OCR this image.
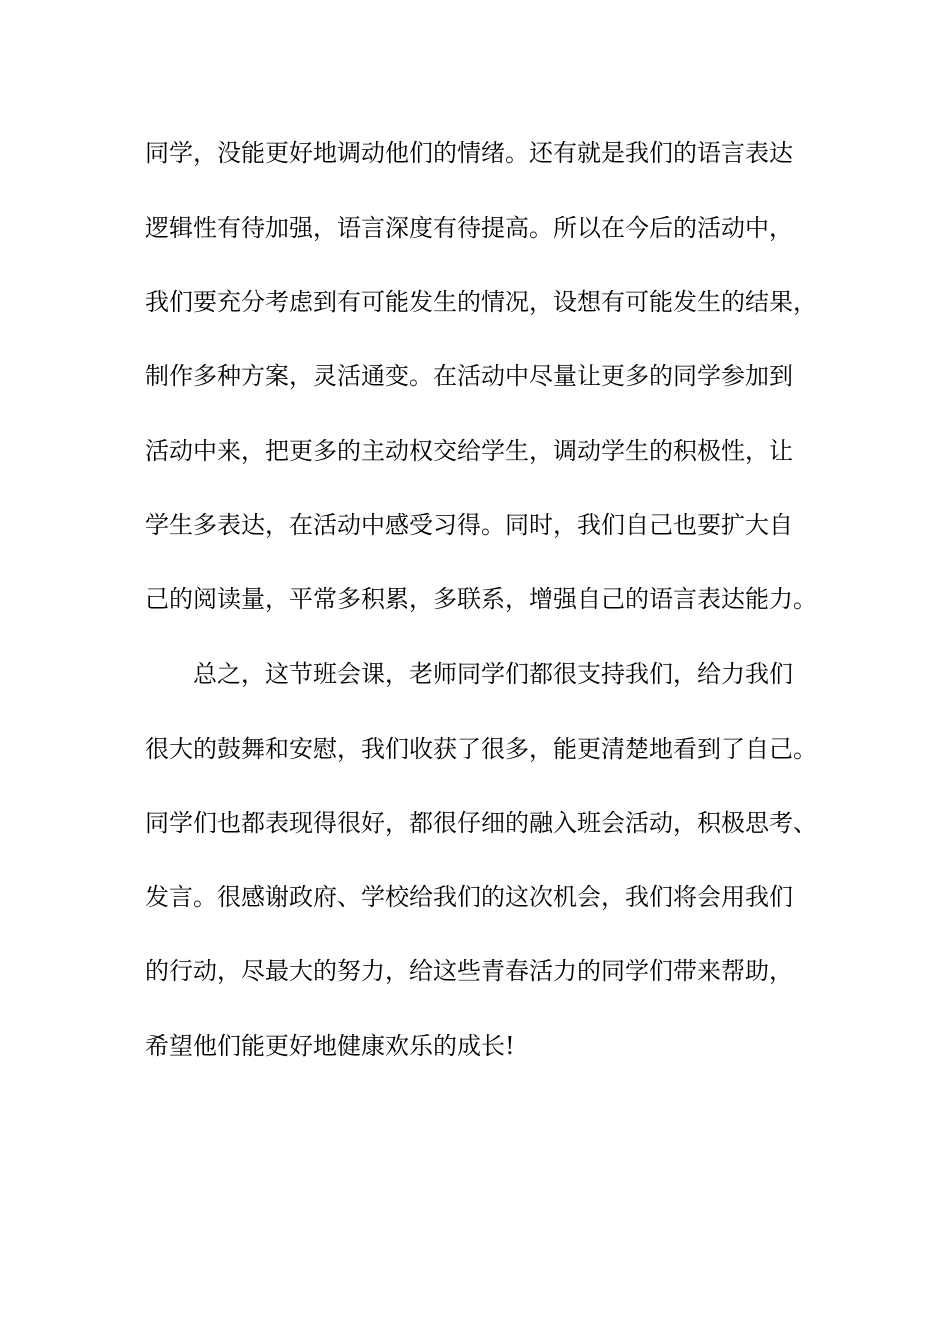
同学，没能更好地调动他们的情绪。还有就是我们的语言表达
逻辑性有待加强，语言深度有待提高。所以在今后的活动中，
我们要充分考虑到有可能发生的情况，设想有可能发生的结果，
制作多种方案，灵活通变。在活动中尽量让更多的同学参加到
活动中来，把更多的主动权交给学生，调动学生的积极性，让
学生多表达，在活动中感受习得。同时，我们自己也要扩大自
己的阅读量，平常多积累，多联系，增强自己的语言表达能力。
总之，这节班会课，老师同学们都很支持我们，给力我们
很大的鼓舞和安慰，我们收获了很多，能更清楚地看到了自己。
同学们也都表现得很好，都很仔细的融入班会活动，积极思考、
发言。很感谢政府、学校给我们的这次机会，我们将会用我们
的行动，尽最大的努力，给这些青春活力的同学们带来帮助，
希望他们能更好地健康欢乐的成长!
